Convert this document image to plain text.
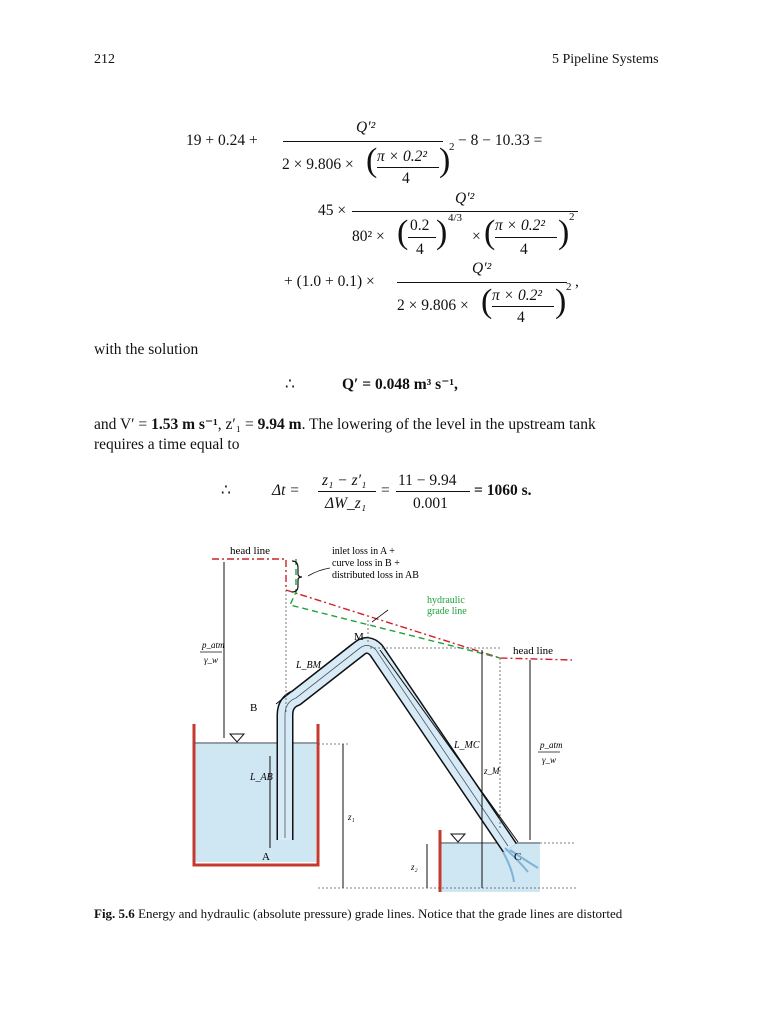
212	5 Pipeline Systems
19 + 0.24 +
Q′²
2 × 9.806 × ( π × 0.2²
4 )
2 − 8 − 10.33 =
45 ×
Q′²
80² × ( 0.2
4 ) 4/3
× ( π × 0.2²
4 ) 2
+ (1.0 + 0.1) ×
Q′²
2 × 9.806 × ( π × 0.2²
4 ) 2 ,
with the solution
∴	Q′ = 0.048 m³ s⁻¹,
and V′ = 1.53 m s⁻¹, z′₁ = 9.94 m. The lowering of the level in the upstream tank
requires a time equal to
∴	Δt =
z₁ − z′₁
ΔW_z₁
=
11 − 9.94
0.001
= 1060 s.
head line	inlet loss in A +
curve loss in B +
distributed loss in AB
hydraulic
grade line
head line
M
B
A	C
L_BM
L_AB
L_MC
z_M
z₁
z₂
p_atm
γ_w
p_atm
γ_w
Fig. 5.6 Energy and hydraulic (absolute pressure) grade lines. Notice that the grade lines are distorted
